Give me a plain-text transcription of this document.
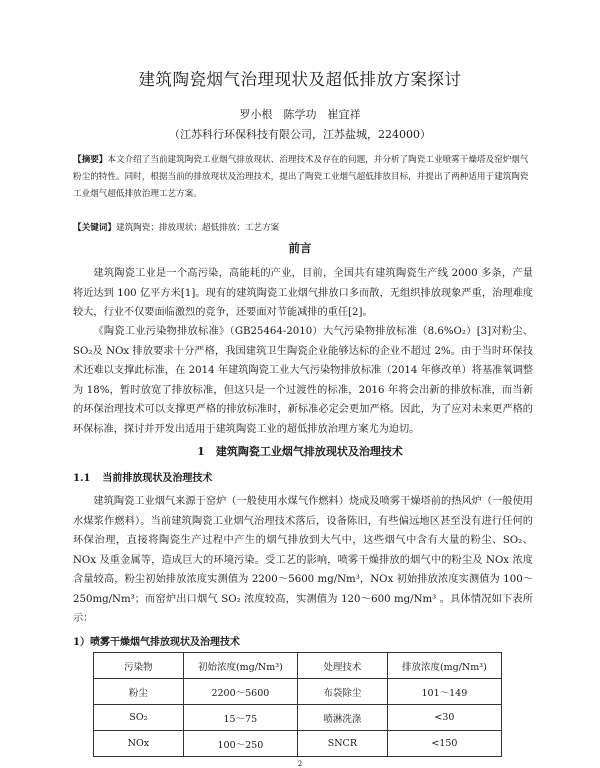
建筑陶瓷烟气治理现状及超低排放方案探讨
罗小根　陈学功　崔宜祥
（江苏科行环保科技有限公司，江苏盐城，224000）
【摘要】本文介绍了当前建筑陶瓷工业烟气排放现状、治理技术及存在的问题，并分析了陶瓷工业喷雾干燥塔及窑炉烟气粉尘的特性。同时，根据当前的排放现状及治理技术，提出了陶瓷工业烟气超低排放目标，并提出了两种适用于建筑陶瓷工业烟气超低排放治理工艺方案。
【关键词】建筑陶瓷；排放现状；超低排放；工艺方案
前言
建筑陶瓷工业是一个高污染，高能耗的产业，目前，全国共有建筑陶瓷生产线 2000 多条，产量将近达到 100 亿平方米[1]。现有的建筑陶瓷工业烟气排放口多而散，无组织排放现象严重，治理难度较大，行业不仅要面临激烈的竞争，还要面对节能减排的重任[2]。
《陶瓷工业污染物排放标准》（GB25464-2010）大气污染物排放标准（8.6%O₂）[3]对粉尘、SO₂及 NOx 排放要求十分严格，我国建筑卫生陶瓷企业能够达标的企业不超过 2%。由于当时环保技术还难以支撑此标准，在 2014 年建筑陶瓷工业大气污染物排放标准（2014 年修改单）将基准氧调整为 18%，暂时放宽了排放标准，但这只是一个过渡性的标准，2016 年将会出新的排放标准，而当新的环保治理技术可以支撑更严格的排放标准时，新标准必定会更加严格。因此，为了应对未来更严格的环保标准，探讨并开发出适用于建筑陶瓷工业的超低排放治理方案尤为迫切。
1　建筑陶瓷工业烟气排放现状及治理技术
1.1 当前排放现状及治理技术
建筑陶瓷工业烟气来源于窑炉（一般使用水煤气作燃料）烧成及喷雾干燥塔前的热风炉（一般使用水煤浆作燃料）。当前建筑陶瓷工业烟气治理技术落后，设备陈旧，有些偏远地区甚至没有进行任何的环保治理，直接将陶瓷生产过程中产生的烟气排放到大气中，这些烟气中含有大量的粉尘、SO₂、NOx 及重金属等，造成巨大的环境污染。受工艺的影响，喷雾干燥排放的烟气中的粉尘及 NOx 浓度含量较高，粉尘初始排放浓度实测值为 2200～5600 mg/Nm³，NOx 初始排放浓度实测值为 100～250mg/Nm³；而窑炉出口烟气 SO₂ 浓度较高，实测值为 120～600 mg/Nm³ 。具体情况如下表所示：
1）喷雾干燥烟气排放现状及治理技术
污染物	初始浓度(mg/Nm³)	处理技术	排放浓度(mg/Nm³)
粉尘	2200～5600	布袋除尘	101～149
SO₂	15～75	喷淋洗涤	<30
NOx	100～250	SNCR	<150
2
